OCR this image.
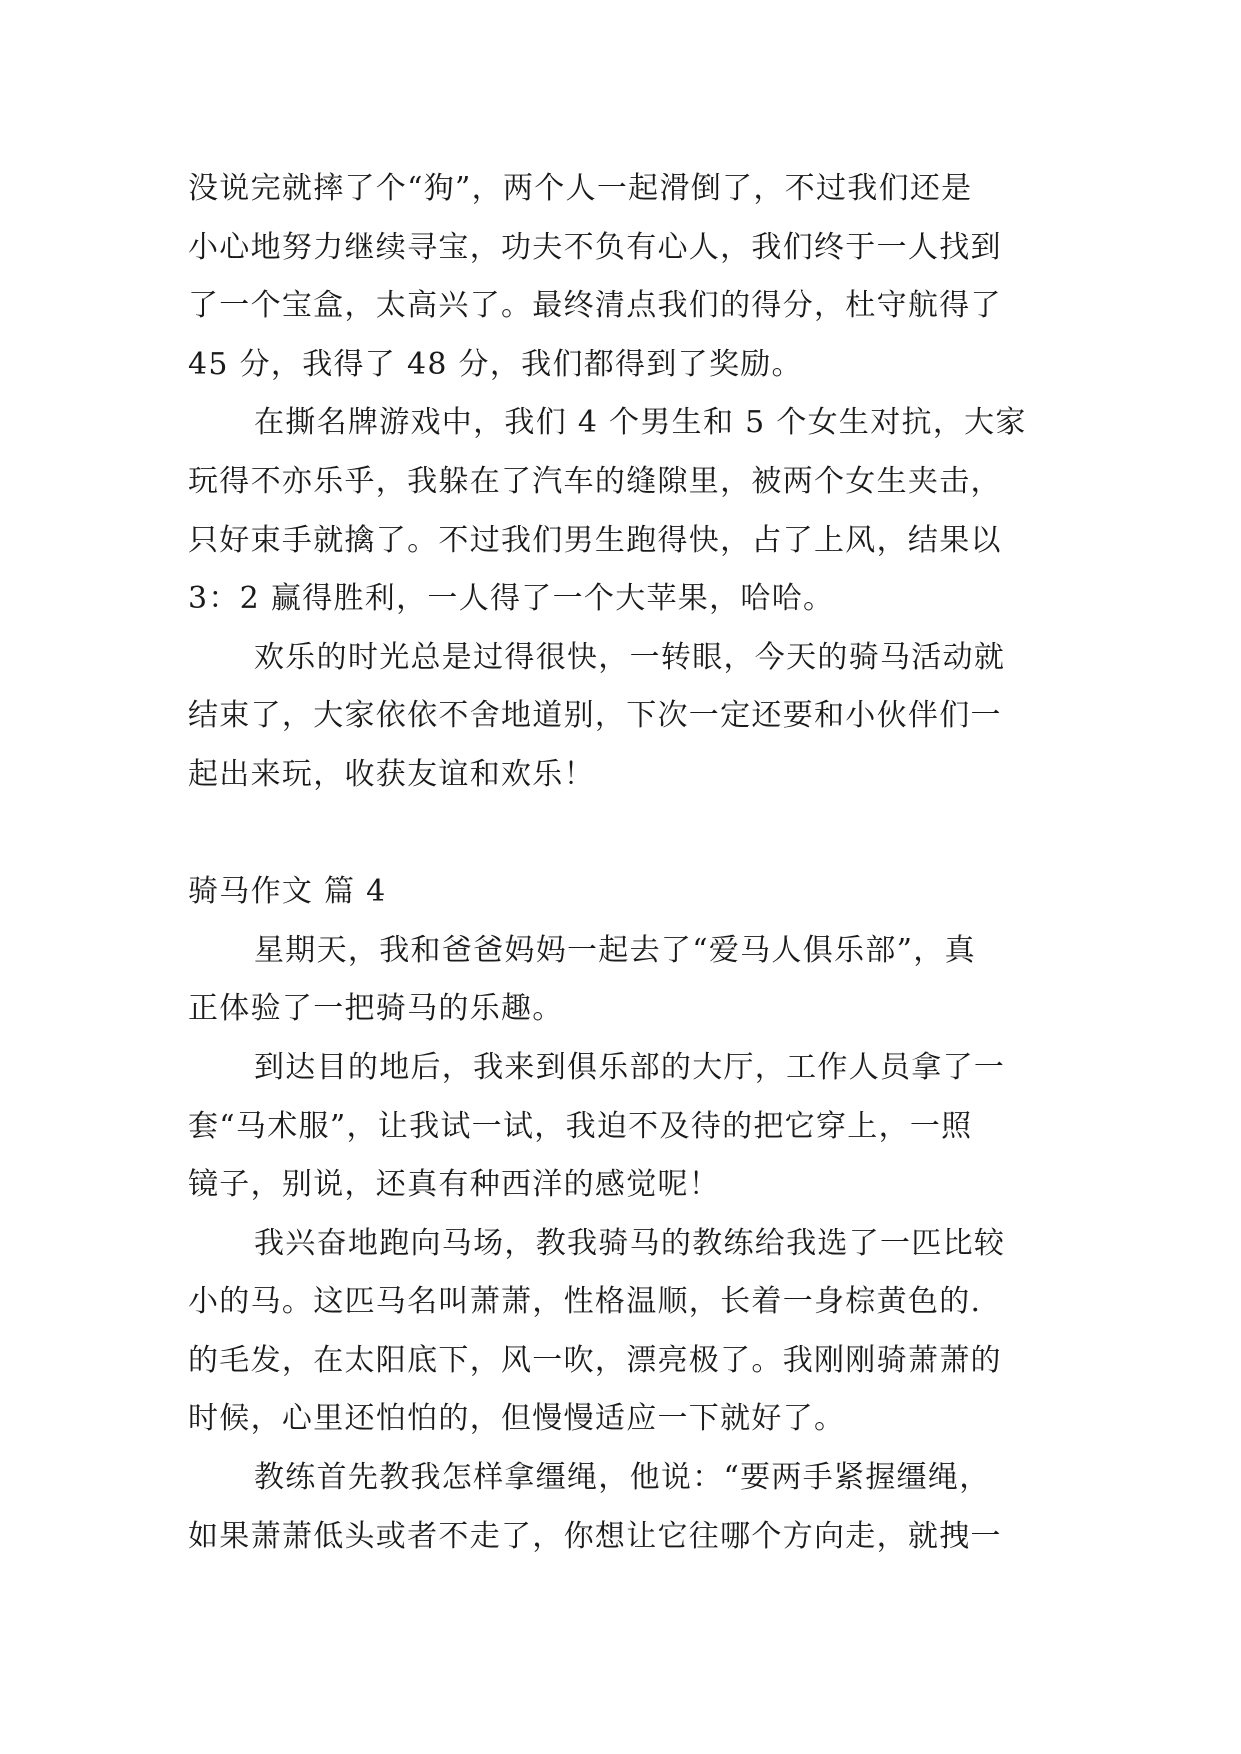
没说完就摔了个“狗”，两个人一起滑倒了，不过我们还是
小心地努力继续寻宝，功夫不负有心人，我们终于一人找到
了一个宝盒，太高兴了。最终清点我们的得分，杜守航得了
45 分，我得了 48 分，我们都得到了奖励。
在撕名牌游戏中，我们 4 个男生和 5 个女生对抗，大家
玩得不亦乐乎，我躲在了汽车的缝隙里，被两个女生夹击，
只好束手就擒了。不过我们男生跑得快，占了上风，结果以
3：2 赢得胜利，一人得了一个大苹果，哈哈。
欢乐的时光总是过得很快，一转眼，今天的骑马活动就
结束了，大家依依不舍地道别，下次一定还要和小伙伴们一
起出来玩，收获友谊和欢乐！
骑马作文 篇 4
星期天，我和爸爸妈妈一起去了“爱马人俱乐部”，真
正体验了一把骑马的乐趣。
到达目的地后，我来到俱乐部的大厅，工作人员拿了一
套“马术服”，让我试一试，我迫不及待的把它穿上，一照
镜子，别说，还真有种西洋的感觉呢！
我兴奋地跑向马场，教我骑马的教练给我选了一匹比较
小的马。这匹马名叫萧萧，性格温顺，长着一身棕黄色的.
的毛发，在太阳底下，风一吹，漂亮极了。我刚刚骑萧萧的
时候，心里还怕怕的，但慢慢适应一下就好了。
教练首先教我怎样拿缰绳，他说：“要两手紧握缰绳，
如果萧萧低头或者不走了，你想让它往哪个方向走，就拽一
